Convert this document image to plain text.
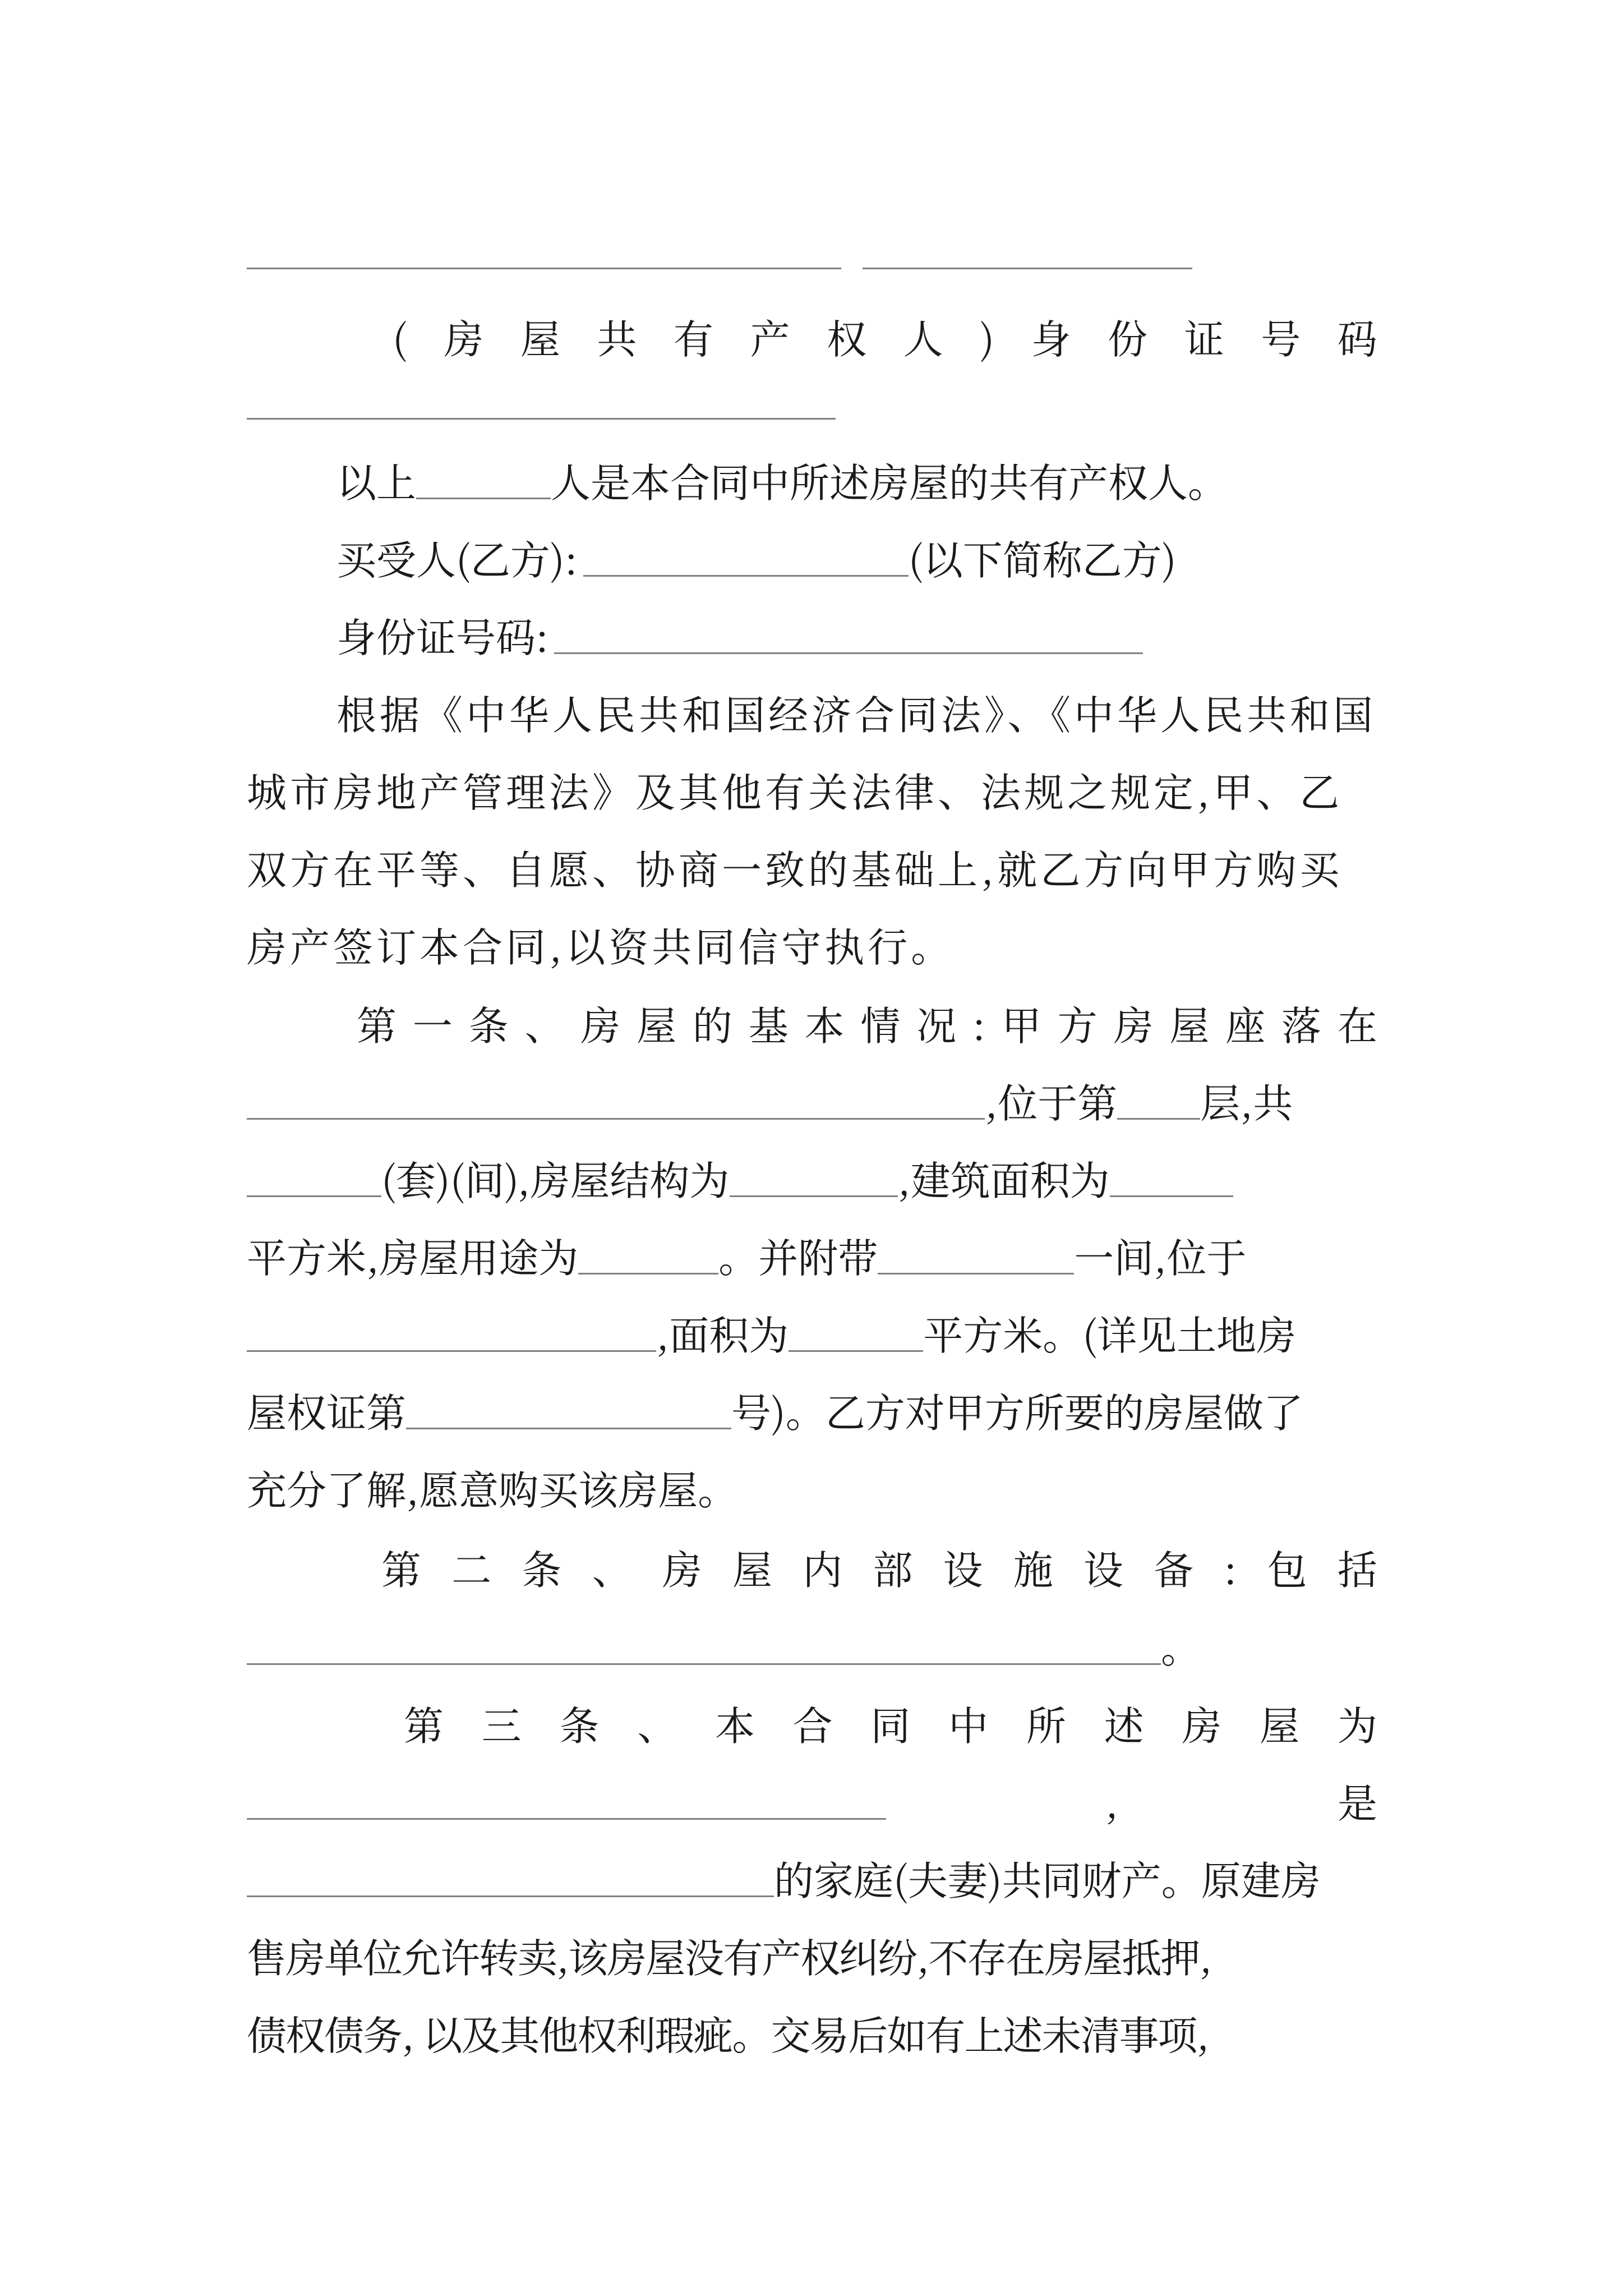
( 房 屋 共 有 产 权 人 ) 身 份 证 号 码
以上	人是本合同中所述房屋的共有产权人。
买受人(乙方):	(以下简称乙方)
身份证号码:
根据《中华人民共和国经济合同法》、《中华人民共和国
城市房地产管理法》及其他有关法律、法规之规定,甲、乙
双方在平等、自愿、协商一致的基础上,就乙方向甲方购买
房产签订本合同,以资共同信守执行。
第 一 条 、 房 屋 的 基 本 情 况 : 甲 方 房 屋 座 落 在
,位于第 层,共
(套)(间),房屋结构为	,建筑面积为
平方米,房屋用途为	。并附带	一间,位于
,面积为	平方米。(详见土地房
屋权证第	号)。乙方对甲方所要的房屋做了
充分了解,愿意购买该房屋。
第 二 条 、 房 屋 内 部 设 施 设 备 : 包 括
。
第 三 条 、 本 合 同 中 所 述 房 屋 为
,	是
的家庭(夫妻)共同财产。原建房
售房单位允许转卖,该房屋没有产权纠纷,不存在房屋抵押,
债权债务, 以及其他权利瑕疵。交易后如有上述未清事项,
